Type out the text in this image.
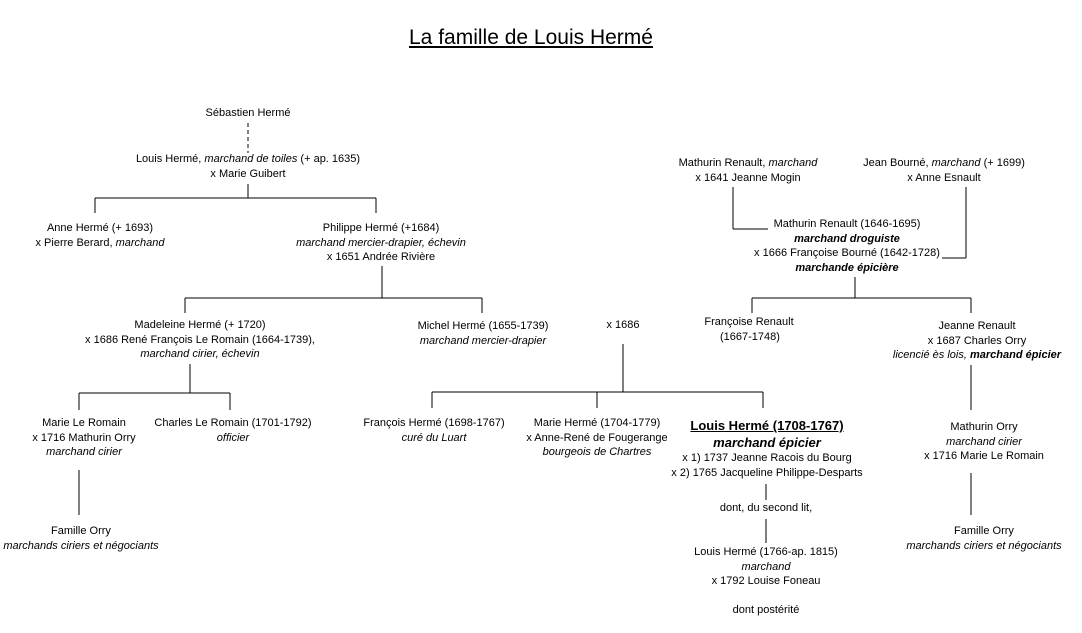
La famille de Louis Hermé
Sébastien Hermé
Louis Hermé, marchand de toiles (+ ap. 1635)
x Marie Guibert
Anne Hermé (+ 1693)
x Pierre Berard, marchand
Philippe Hermé (+1684)
marchand mercier-drapier, échevin
x 1651 Andrée Rivière
Madeleine Hermé (+ 1720)
x 1686 René François Le Romain (1664-1739),
marchand cirier, échevin
Michel Hermé (1655-1739)
marchand mercier-drapier
x 1686
Marie Le Romain
x 1716 Mathurin Orry
marchand cirier
Charles Le Romain (1701-1792)
officier
François Hermé (1698-1767)
curé du Luart
Marie Hermé (1704-1779)
x Anne-René de Fougerange
bourgeois de Chartres
Louis Hermé (1708-1767)
marchand épicier
x 1) 1737 Jeanne Racois du Bourg
x 2) 1765 Jacqueline Philippe-Desparts
dont, du second lit,
Louis Hermé (1766-ap. 1815)
marchand
x 1792 Louise Foneau
dont postérité
Famille Orry
marchands ciriers et négociants
Mathurin Renault, marchand
x 1641 Jeanne Mogin
Jean Bourné, marchand (+ 1699)
x Anne Esnault
Mathurin Renault (1646-1695)
marchand droguiste
x 1666 Françoise Bourné (1642-1728)
marchande épicière
Françoise Renault
(1667-1748)
Jeanne Renault
x 1687 Charles Orry
licencié ès lois, marchand épicier
Mathurin Orry
marchand cirier
x 1716 Marie Le Romain
Famille Orry
marchands ciriers et négociants
